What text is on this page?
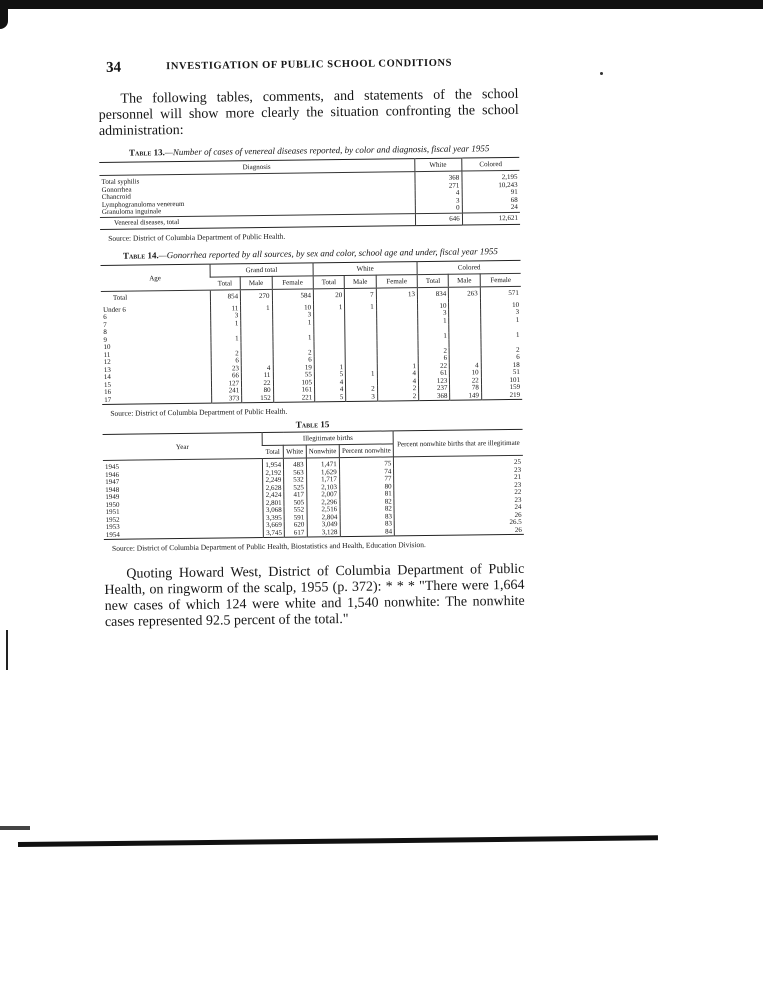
34	INVESTIGATION OF PUBLIC SCHOOL CONDITIONS

The following tables, comments, and statements of the school personnel will show more clearly the situation confronting the school administration:

Table 13.—Number of cases of venereal diseases reported, by color and diagnosis, fiscal year 1955
Diagnosis	White	Colored
Total syphilis	368	2,195
Gonorrhea	271	10,243
Chancroid	4	91
Lymphogranuloma venereum	3	68
Granuloma inguinale	0	24
Venereal diseases, total	646	12,621
Source: District of Columbia Department of Public Health.
Table 14.—Gonorrhea reported by all sources, by sex and color, school age and under, fiscal year 1955
Age	Grand total			White			Colored		
	Total	Male	Female	Total	Male	Female	Total	Male	Female
Total	854	270	584	20	7	13	834	263	571

Under 6	11	1	10	1	1		10		10
6	3		3				3		3
7	1		1				1		1
8									
9	1		1				1		1
10									
11	2		2				2		2
12	6		6				6		6
13	23	4	19	1		1	22	4	18
14	66	11	55	5	1	4	61	10	51
15	127	22	105	4		4	123	22	101
16	241	80	161	4	2	2	237	78	159
17	373	152	221	5	3	2	368	149	219
Source: District of Columbia Department of Public Health.
Table 15
Year	Illegitimate births				Percent nonwhite births that are illegitimate
	Total	White	Nonwhite	Percent nonwhite	
1945	1,954	483	1,471	75	25
1946	2,192	563	1,629	74	23
1947	2,249	532	1,717	77	21
1948	2,628	525	2,103	80	23
1949	2,424	417	2,007	81	22
1950	2,801	505	2,296	82	23
1951	3,068	552	2,516	82	24
1952	3,395	591	2,804	83	26
1953	3,669	620	3,049	83	26.5
1954	3,745	617	3,128	84	26
Source: District of Columbia Department of Public Health, Biostatistics and Health, Education Division.

Quoting Howard West, District of Columbia Department of Public Health, on ringworm of the scalp, 1955 (p. 372): * * * "There were 1,664 new cases of which 124 were white and 1,540 nonwhite: The nonwhite cases represented 92.5 percent of the total."
